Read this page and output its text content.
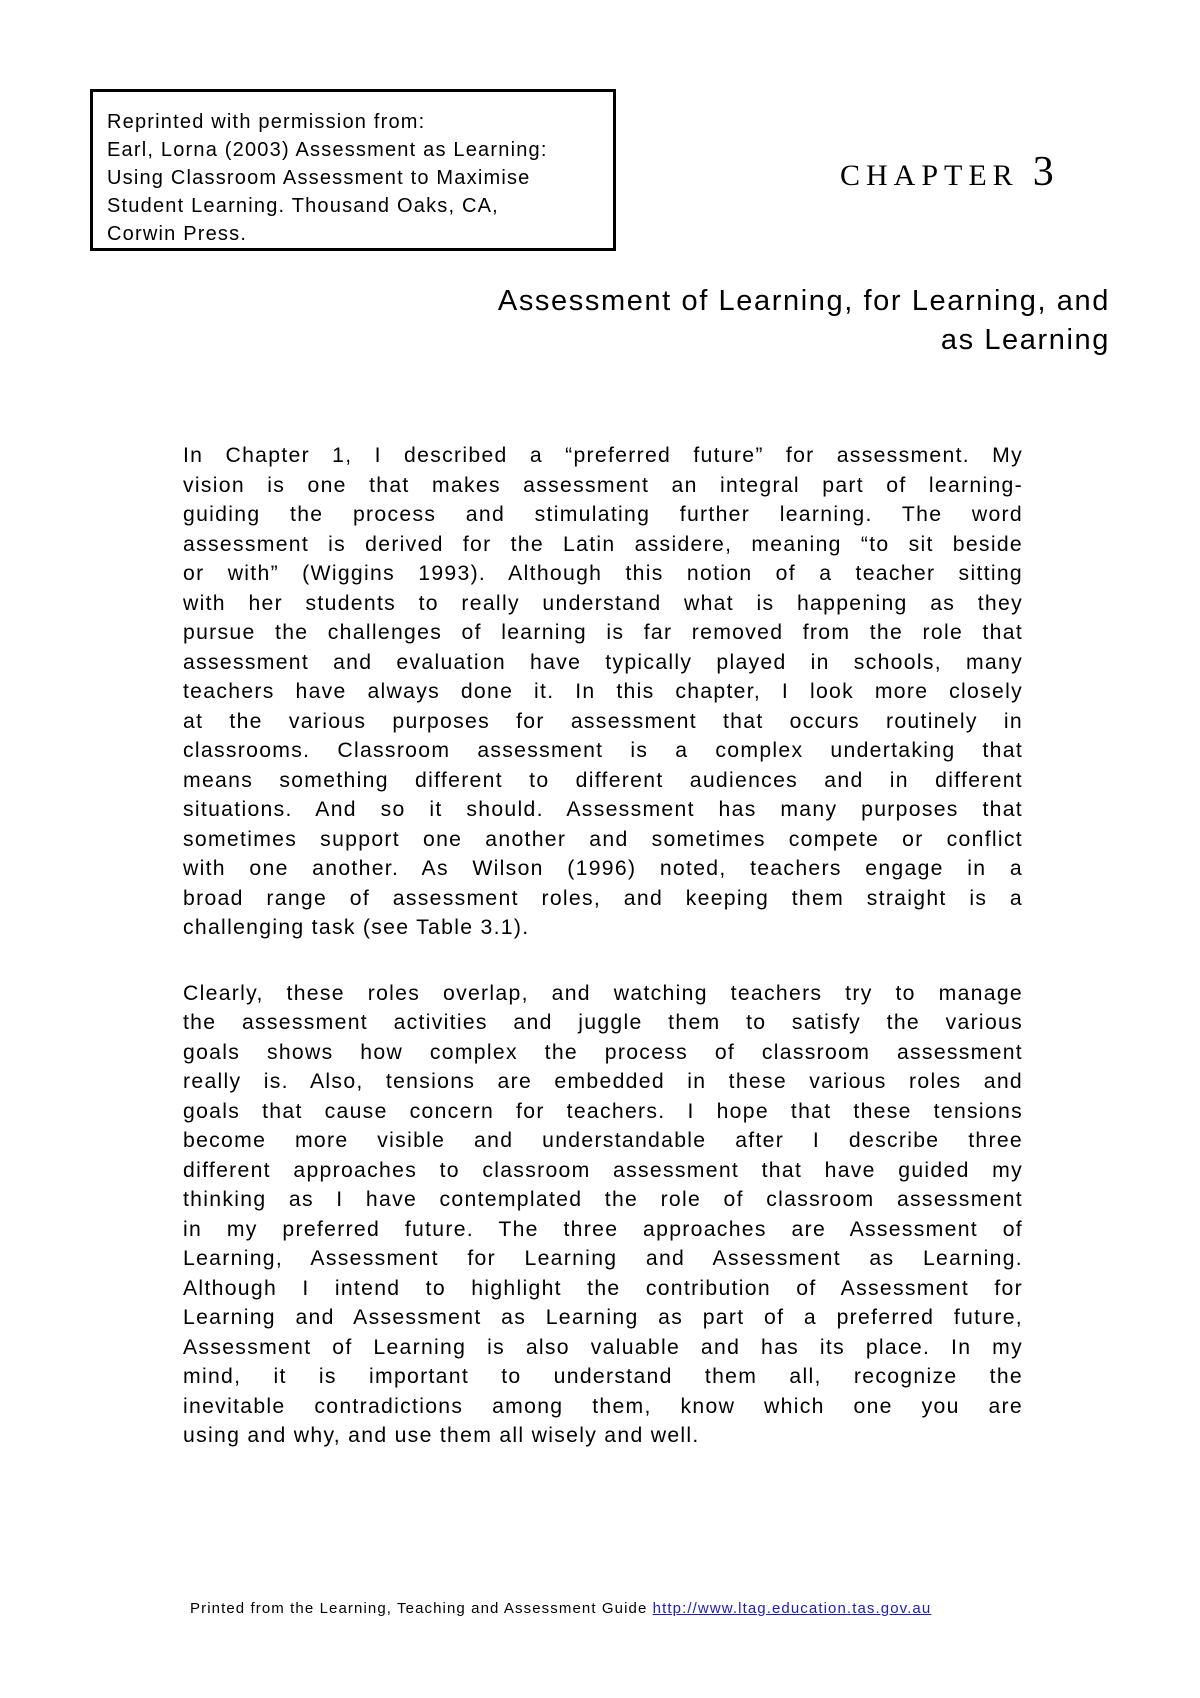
Reprinted with permission from:
Earl, Lorna (2003) Assessment as Learning:
Using Classroom Assessment to Maximise
Student Learning. Thousand Oaks, CA,
Corwin Press.
CHAPTER 3
Assessment of Learning, for Learning, and
as Learning

In Chapter 1, I described a “preferred future” for assessment. My
vision is one that makes assessment an integral part of learning-
guiding the process and stimulating further learning. The word
assessment is derived for the Latin assidere, meaning “to sit beside
or with” (Wiggins 1993). Although this notion of a teacher sitting
with her students to really understand what is happening as they
pursue the challenges of learning is far removed from the role that
assessment and evaluation have typically played in schools, many
teachers have always done it. In this chapter, I look more closely
at the various purposes for assessment that occurs routinely in
classrooms. Classroom assessment is a complex undertaking that
means something different to different audiences and in different
situations. And so it should. Assessment has many purposes that
sometimes support one another and sometimes compete or conflict
with one another. As Wilson (1996) noted, teachers engage in a
broad range of assessment roles, and keeping them straight is a
challenging task (see Table 3.1).

Clearly, these roles overlap, and watching teachers try to manage
the assessment activities and juggle them to satisfy the various
goals shows how complex the process of classroom assessment
really is. Also, tensions are embedded in these various roles and
goals that cause concern for teachers. I hope that these tensions
become more visible and understandable after I describe three
different approaches to classroom assessment that have guided my
thinking as I have contemplated the role of classroom assessment
in my preferred future. The three approaches are Assessment of
Learning, Assessment for Learning and Assessment as Learning.
Although I intend to highlight the contribution of Assessment for
Learning and Assessment as Learning as part of a preferred future,
Assessment of Learning is also valuable and has its place. In my
mind, it is important to understand them all, recognize the
inevitable contradictions among them, know which one you are
using and why, and use them all wisely and well.

Printed from the Learning, Teaching and Assessment Guide http://www.ltag.education.tas.gov.au
